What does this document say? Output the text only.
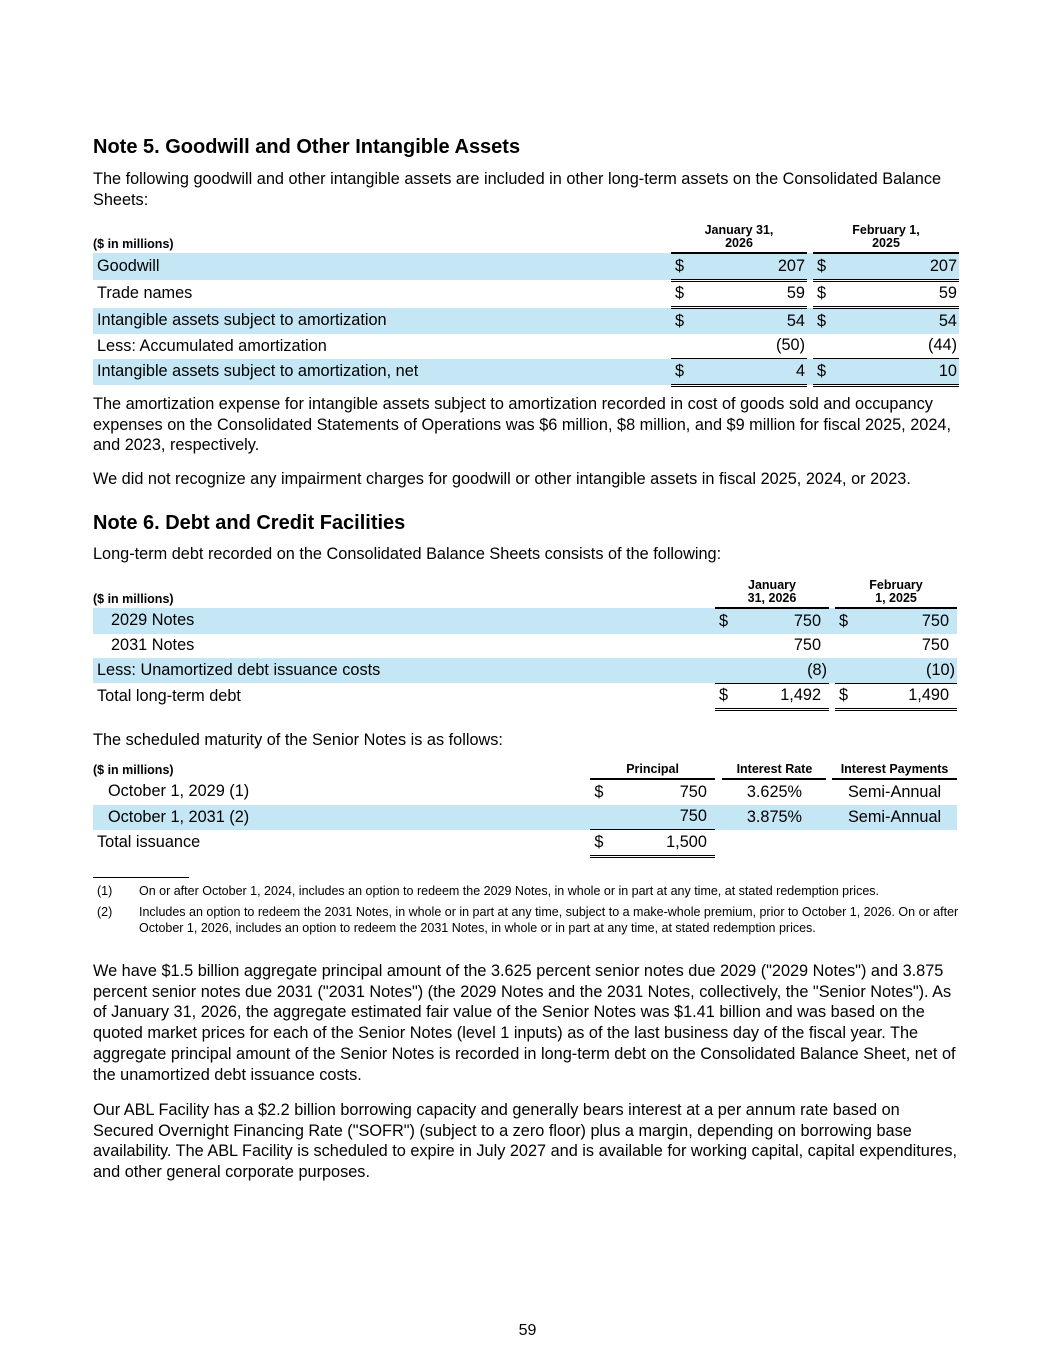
Note 5. Goodwill and Other Intangible Assets

The following goodwill and other intangible assets are included in other long-term assets on the Consolidated Balance Sheets:

($ in millions)		January 31, 2026			February 1, 2025	
Goodwill		$	207		$	207
Trade names		$	59		$	59
Intangible assets subject to amortization		$	54		$	54
Less: Accumulated amortization			(50)			(44)
Intangible assets subject to amortization, net		$	4		$	10

The amortization expense for intangible assets subject to amortization recorded in cost of goods sold and occupancy expenses on the Consolidated Statements of Operations was $6 million, $8 million, and $9 million for fiscal 2025, 2024, and 2023, respectively.

We did not recognize any impairment charges for goodwill or other intangible assets in fiscal 2025, 2024, or 2023.

Note 6. Debt and Credit Facilities

Long-term debt recorded on the Consolidated Balance Sheets consists of the following:

($ in millions)		January 31, 2026			February 1, 2025	
2029 Notes		$	750		$	750
2031 Notes			750			750
Less: Unamortized debt issuance costs			(8)			(10)
Total long-term debt		$	1,492		$	1,490

The scheduled maturity of the Senior Notes is as follows:

($ in millions)		Principal			Interest Rate		Interest Payments
October 1, 2029 (1)		$	750		3.625%		Semi-Annual
October 1, 2031 (2)			750		3.875%		Semi-Annual
Total issuance		$	1,500				
(1) On or after October 1, 2024, includes an option to redeem the 2029 Notes, in whole or in part at any time, at stated redemption prices.
(2) Includes an option to redeem the 2031 Notes, in whole or in part at any time, subject to a make-whole premium, prior to October 1, 2026. On or after October 1, 2026, includes an option to redeem the 2031 Notes, in whole or in part at any time, at stated redemption prices.

We have $1.5 billion aggregate principal amount of the 3.625 percent senior notes due 2029 ("2029 Notes") and 3.875 percent senior notes due 2031 ("2031 Notes") (the 2029 Notes and the 2031 Notes, collectively, the "Senior Notes"). As of January 31, 2026, the aggregate estimated fair value of the Senior Notes was $1.41 billion and was based on the quoted market prices for each of the Senior Notes (level 1 inputs) as of the last business day of the fiscal year. The aggregate principal amount of the Senior Notes is recorded in long-term debt on the Consolidated Balance Sheet, net of the unamortized debt issuance costs.

Our ABL Facility has a $2.2 billion borrowing capacity and generally bears interest at a per annum rate based on Secured Overnight Financing Rate ("SOFR") (subject to a zero floor) plus a margin, depending on borrowing base availability. The ABL Facility is scheduled to expire in July 2027 and is available for working capital, capital expenditures, and other general corporate purposes.

59
